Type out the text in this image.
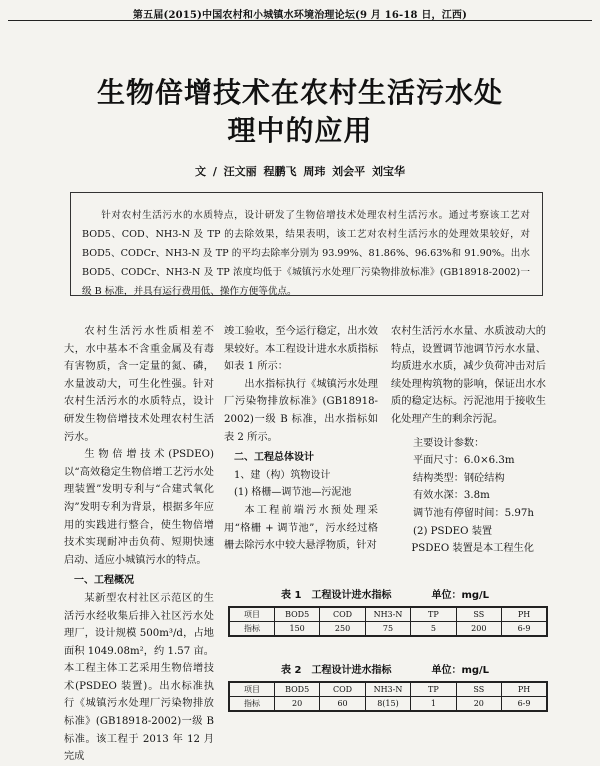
第五届(2015)中国农村和小城镇水环境治理论坛(9 月 16-18 日，江西)
生物倍增技术在农村生活污水处
理中的应用
文 / 汪文丽 程鹏飞 周玮 刘会平 刘宝华
针对农村生活污水的水质特点，设计研发了生物倍增技术处理农村生活污水。通过考察该工艺对 BOD5、COD、NH3-N 及 TP 的去除效果，结果表明，该工艺对农村生活污水的处理效果较好，对 BOD5、CODCr、NH3-N 及 TP 的平均去除率分别为 93.99%、81.86%、96.63%和 91.90%。出水 BOD5、CODCr、NH3-N 及 TP 浓度均低于《城镇污水处理厂污染物排放标准》(GB18918-2002)一级 B 标准，并具有运行费用低、操作方便等优点。

农村生活污水性质相差不大，水中基本不含重金属及有毒有害物质，含一定量的氮、磷，水量波动大，可生化性强。针对农村生活污水的水质特点，设计研发生物倍增技术处理农村生活污水。

生物倍增技术(PSDEO)以“高效稳定生物倍增工艺污水处理装置”发明专利与“合建式氧化沟”发明专利为背景，根据多年应用的实践进行整合，使生物倍增技术实现耐冲击负荷、短期快速启动、适应小城镇污水的特点。

一、工程概况

某新型农村社区示范区的生活污水经收集后排入社区污水处理厂，设计规模 500m³/d，占地面积 1049.08m²，约 1.57 亩。本工程主体工艺采用生物倍增技术(PSDEO 装置)。出水标准执行《城镇污水处理厂污染物排放标准》(GB18918-2002)一级 B 标准。该工程于 2013 年 12 月完成

竣工验收，至今运行稳定，出水效果较好。本工程设计进水水质指标如表 1 所示：

出水指标执行《城镇污水处理厂污染物排放标准》(GB18918-2002)一级 B 标准，出水指标如表 2 所示。

二、工程总体设计

1、建（构）筑物设计

(1) 格栅—调节池—污泥池

本工程前端污水预处理采用“格栅 + 调节池”，污水经过格栅去除污水中较大悬浮物质，针对

农村生活污水水量、水质波动大的特点，设置调节池调节污水水量、均质进水水质，减少负荷冲击对后续处理构筑物的影响，保证出水水质的稳定达标。污泥池用于接收生化处理产生的剩余污泥。

主要设计参数：
平面尺寸：6.0×6.3m
结构类型：钢砼结构
有效水深：3.8m
调节池有停留时间：5.97h
(2) PSDEO 装置

PSDEO 装置是本工程生化

表 1　工程设计进水指标	单位：mg/L
项目	BOD5	COD	NH3-N	TP	SS	PH
指标	150	250	75	5	200	6-9
表 2　工程设计进水指标	单位：mg/L
项目	BOD5	COD	NH3-N	TP	SS	PH
指标	20	60	8(15)	1	20	6-9
